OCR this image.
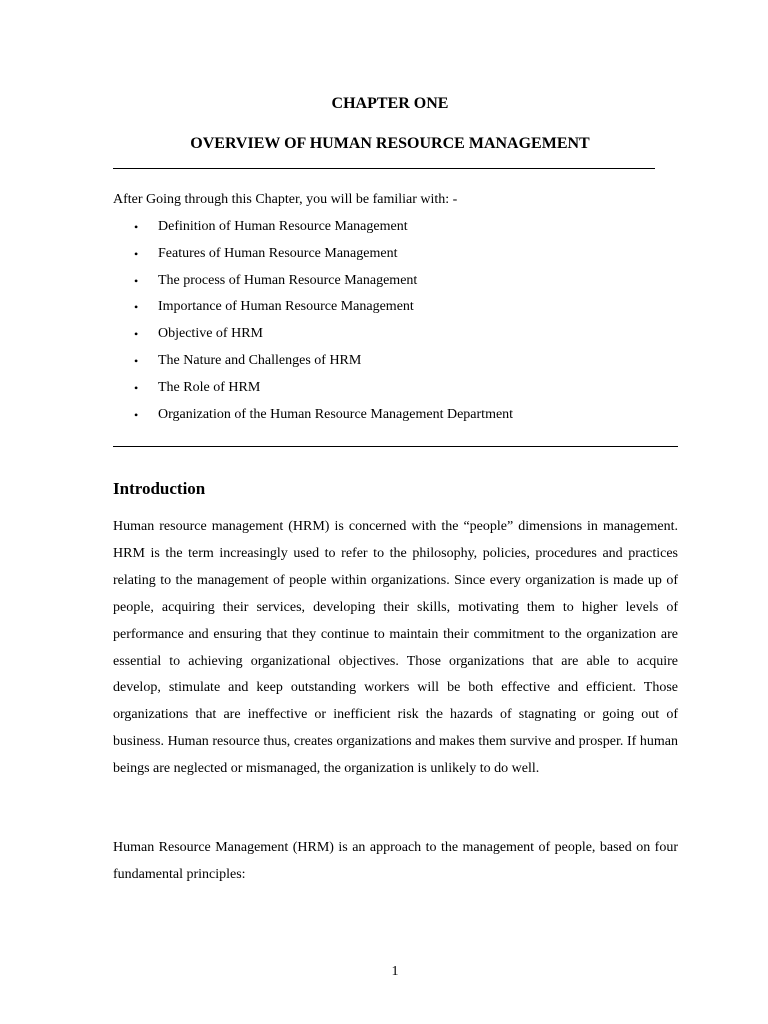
CHAPTER ONE
OVERVIEW OF HUMAN RESOURCE MANAGEMENT
After Going through this Chapter, you will be familiar with: -
• Definition of Human Resource Management
• Features of Human Resource Management
• The process of Human Resource Management
• Importance of Human Resource Management
• Objective of HRM
• The Nature and Challenges of HRM
• The Role of HRM
• Organization of the Human Resource Management Department
Introduction

Human resource management (HRM) is concerned with the “people” dimensions in management. HRM is the term increasingly used to refer to the philosophy, policies, procedures and practices relating to the management of people within organizations. Since every organization is made up of people, acquiring their services, developing their skills, motivating them to higher levels of performance and ensuring that they continue to maintain their commitment to the organization are essential to achieving organizational objectives. Those organizations that are able to acquire develop, stimulate and keep outstanding workers will be both effective and efficient. Those organizations that are ineffective or inefficient risk the hazards of stagnating or going out of business. Human resource thus, creates organizations and makes them survive and prosper. If human beings are neglected or mismanaged, the organization is unlikely to do well.

Human Resource Management (HRM) is an approach to the management of people, based on four fundamental principles:

1
